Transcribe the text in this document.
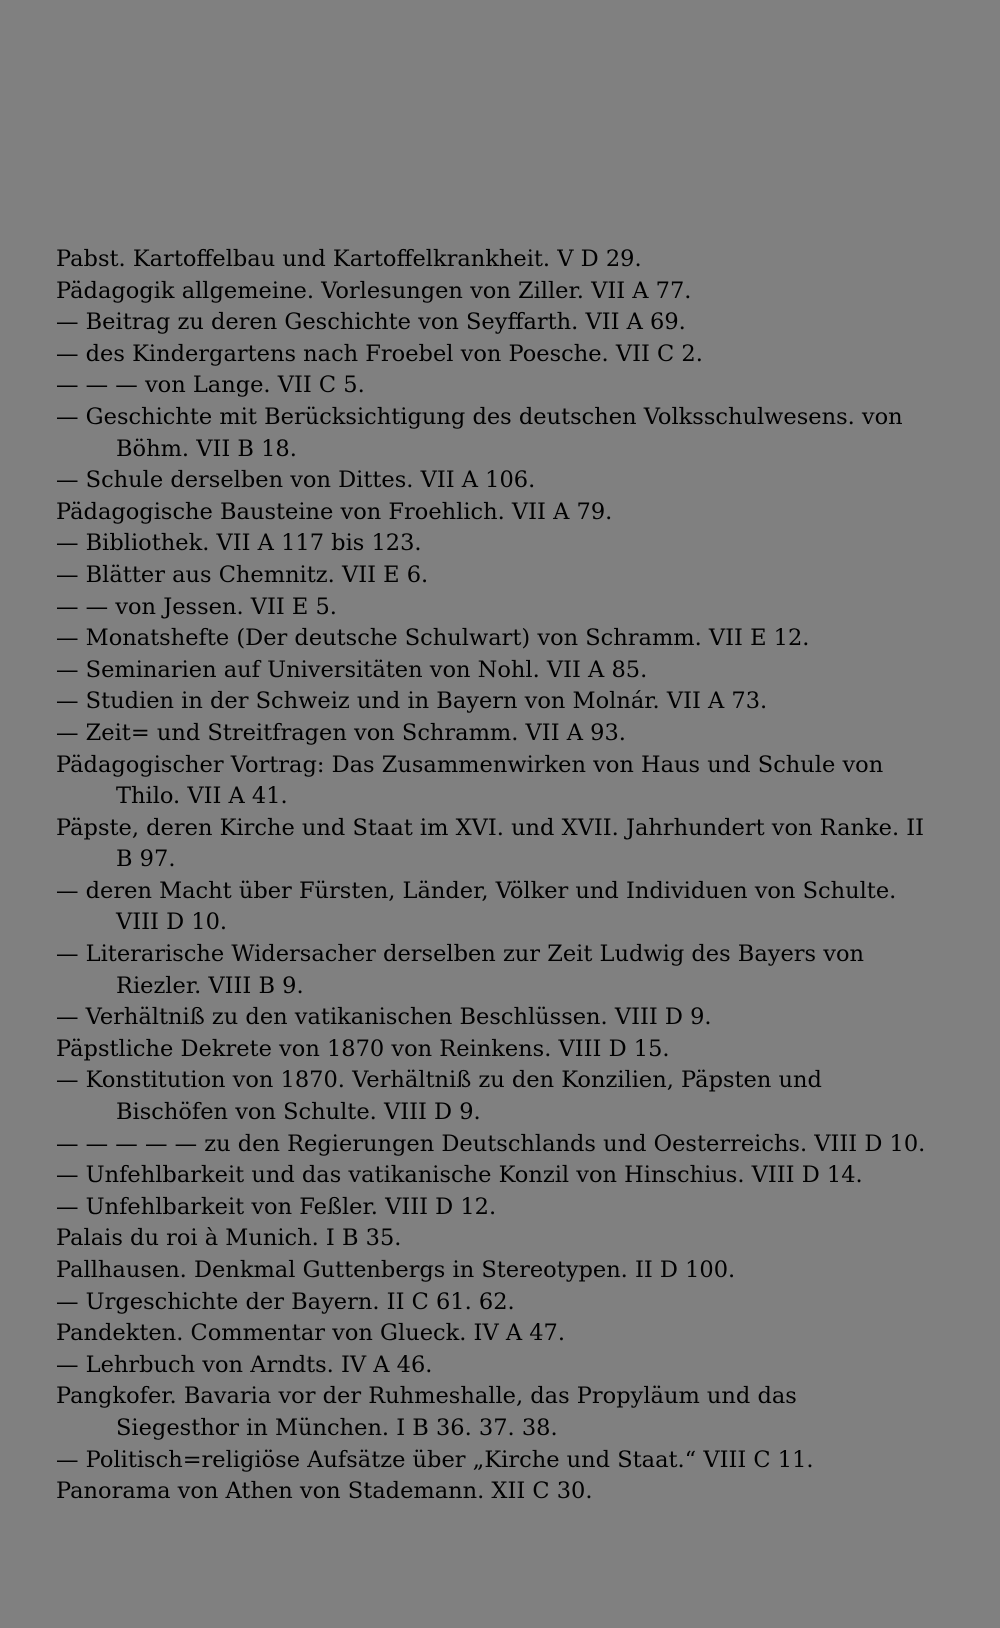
Pabst. Kartoffelbau und Kartoffelkrankheit. V D 29.

Pädagogik allgemeine. Vorlesungen von Ziller. VII A 77.

— Beitrag zu deren Geschichte von Seyffarth. VII A 69.

— des Kindergartens nach Froebel von Poesche. VII C 2.

— — — von Lange. VII C 5.

— Geschichte mit Berücksichtigung des deutschen Volksschulwesens. von Böhm. VII B 18.

— Schule derselben von Dittes. VII A 106.

Pädagogische Bausteine von Froehlich. VII A 79.

— Bibliothek. VII A 117 bis 123.

— Blätter aus Chemnitz. VII E 6.

— — von Jessen. VII E 5.

— Monatshefte (Der deutsche Schulwart) von Schramm. VII E 12.

— Seminarien auf Universitäten von Nohl. VII A 85.

— Studien in der Schweiz und in Bayern von Molnár. VII A 73.

— Zeit= und Streitfragen von Schramm. VII A 93.

Pädagogischer Vortrag: Das Zusammenwirken von Haus und Schule von Thilo. VII A 41.

Päpste, deren Kirche und Staat im XVI. und XVII. Jahrhundert von Ranke. II B 97.

— deren Macht über Fürsten, Länder, Völker und Individuen von Schulte. VIII D 10.

— Literarische Widersacher derselben zur Zeit Ludwig des Bayers von Riezler. VIII B 9.

— Verhältniß zu den vatikanischen Beschlüssen. VIII D 9.

Päpstliche Dekrete von 1870 von Reinkens. VIII D 15.

— Konstitution von 1870. Verhältniß zu den Konzilien, Päpsten und Bischöfen von Schulte. VIII D 9.

— — — — — zu den Regierungen Deutschlands und Oesterreichs. VIII D 10.

— Unfehlbarkeit und das vatikanische Konzil von Hinschius. VIII D 14.

— Unfehlbarkeit von Feßler. VIII D 12.

Palais du roi à Munich. I B 35.

Pallhausen. Denkmal Guttenbergs in Stereotypen. II D 100.

— Urgeschichte der Bayern. II C 61. 62.

Pandekten. Commentar von Glueck. IV A 47.

— Lehrbuch von Arndts. IV A 46.

Pangkofer. Bavaria vor der Ruhmeshalle, das Propyläum und das Siegesthor in München. I B 36. 37. 38.

— Politisch=religiöse Aufsätze über „Kirche und Staat.“ VIII C 11.

Panorama von Athen von Stademann. XII C 30.
